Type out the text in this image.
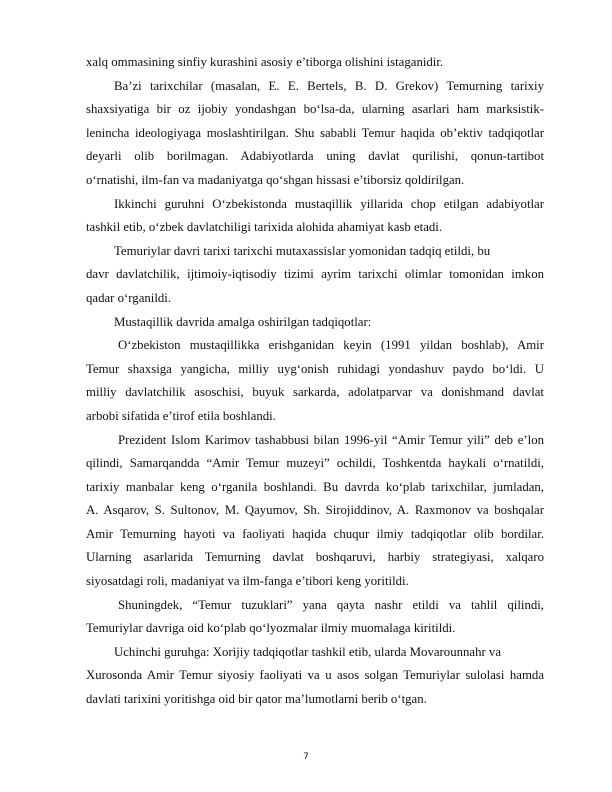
xalq ommasining sinfiy kurashini asosiy e’tiborga olishini istaganidir.
Ba’zi tarixchilar (masalan, E. E. Bertels, B. D. Grekov) Temurning tarixiy
shaxsiyatiga bir oz ijobiy yondashgan bo‘lsa-da, ularning asarlari ham marksistik-
lenincha ideologiyaga moslashtirilgan. Shu sababli Temur haqida ob’ektiv tadqiqotlar
deyarli olib borilmagan. Adabiyotlarda uning davlat qurilishi, qonun-tartibot
o‘rnatishi, ilm-fan va madaniyatga qo‘shgan hissasi e’tiborsiz qoldirilgan.
Ikkinchi guruhni O‘zbekistonda mustaqillik yillarida chop etilgan adabiyotlar
tashkil etib, o‘zbek davlatchiligi tarixida alohida ahamiyat kasb etadi.
Temuriylar davri tarixi tarixchi mutaxassislar yomonidan tadqiq etildi, bu
davr davlatchilik, ijtimoiy-iqtisodiy tizimi ayrim tarixchi olimlar tomonidan imkon
qadar o‘rganildi.
Mustaqillik davrida amalga oshirilgan tadqiqotlar:
O‘zbekiston mustaqillikka erishganidan keyin (1991 yildan boshlab), Amir
Temur shaxsiga yangicha, milliy uyg‘onish ruhidagi yondashuv paydo bo‘ldi. U
milliy davlatchilik asoschisi, buyuk sarkarda, adolatparvar va donishmand davlat
arbobi sifatida e’tirof etila boshlandi.
Prezident Islom Karimov tashabbusi bilan 1996-yil “Amir Temur yili” deb e’lon
qilindi, Samarqandda “Amir Temur muzeyi” ochildi, Toshkentda haykali o‘rnatildi,
tarixiy manbalar keng o‘rganila boshlandi. Bu davrda ko‘plab tarixchilar, jumladan,
A. Asqarov, S. Sultonov, M. Qayumov, Sh. Sirojiddinov, A. Raxmonov va boshqalar
Amir Temurning hayoti va faoliyati haqida chuqur ilmiy tadqiqotlar olib bordilar.
Ularning asarlarida Temurning davlat boshqaruvi, harbiy strategiyasi, xalqaro
siyosatdagi roli, madaniyat va ilm-fanga e’tibori keng yoritildi.
Shuningdek, “Temur tuzuklari” yana qayta nashr etildi va tahlil qilindi,
Temuriylar davriga oid ko‘plab qo‘lyozmalar ilmiy muomalaga kiritildi.
Uchinchi guruhga: Xorijiy tadqiqotlar tashkil etib, ularda Movarounnahr va
Xurosonda Amir Temur siyosiy faoliyati va u asos solgan Temuriylar sulolasi hamda
davlati tarixini yoritishga oid bir qator ma’lumotlarni berib o‘tgan.
7
